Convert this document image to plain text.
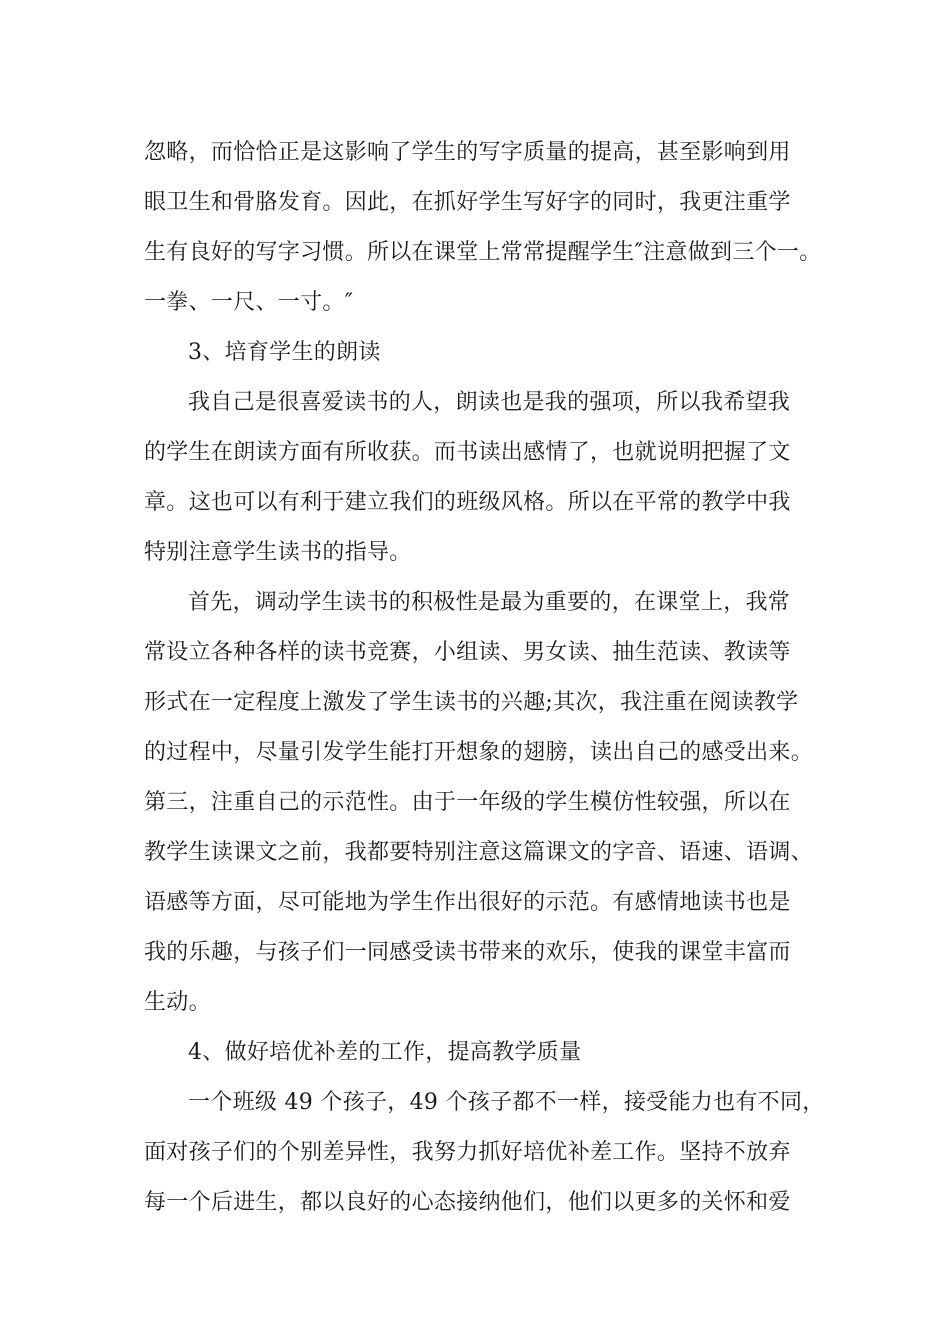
忽略，而恰恰正是这影响了学生的写字质量的提高，甚至影响到用
眼卫生和骨胳发育。因此，在抓好学生写好字的同时，我更注重学
生有良好的写字习惯。所以在课堂上常常提醒学生″注意做到三个一。
一拳、一尺、一寸。″
3、培育学生的朗读
我自己是很喜爱读书的人，朗读也是我的强项，所以我希望我
的学生在朗读方面有所收获。而书读出感情了，也就说明把握了文
章。这也可以有利于建立我们的班级风格。所以在平常的教学中我
特别注意学生读书的指导。
首先，调动学生读书的积极性是最为重要的，在课堂上，我常
常设立各种各样的读书竞赛，小组读、男女读、抽生范读、教读等
形式在一定程度上激发了学生读书的兴趣;其次，我注重在阅读教学
的过程中，尽量引发学生能打开想象的翅膀，读出自己的感受出来。
第三，注重自己的示范性。由于一年级的学生模仿性较强，所以在
教学生读课文之前，我都要特别注意这篇课文的字音、语速、语调、
语感等方面，尽可能地为学生作出很好的示范。有感情地读书也是
我的乐趣，与孩子们一同感受读书带来的欢乐，使我的课堂丰富而
生动。
4、做好培优补差的工作，提高教学质量
一个班级 49 个孩子，49 个孩子都不一样，接受能力也有不同，
面对孩子们的个别差异性，我努力抓好培优补差工作。坚持不放弃
每一个后进生，都以良好的心态接纳他们，他们以更多的关怀和爱
